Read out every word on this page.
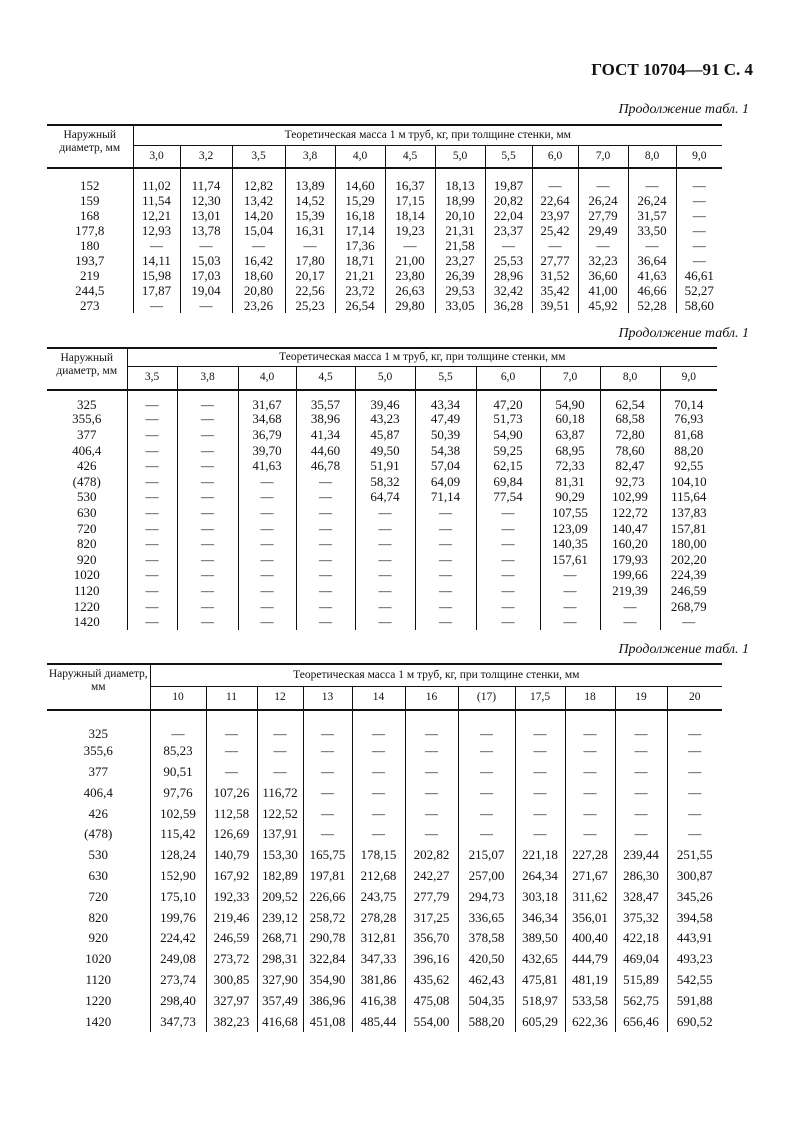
ГОСТ 10704—91 С. 4
Продолжение табл. 1
Наружный диаметр, мм	Теоретическая масса 1 м труб, кг, при толщине стенки, мм											
	3,0	3,2	3,5	3,8	4,0	4,5	5,0	5,5	6,0	7,0	8,0	9,0
152	11,02	11,74	12,82	13,89	14,60	16,37	18,13	19,87	—	—	—	—
159	11,54	12,30	13,42	14,52	15,29	17,15	18,99	20,82	22,64	26,24	26,24	—
168	12,21	13,01	14,20	15,39	16,18	18,14	20,10	22,04	23,97	27,79	31,57	—
177,8	12,93	13,78	15,04	16,31	17,14	19,23	21,31	23,37	25,42	29,49	33,50	—
180	—	—	—	—	17,36	—	21,58	—	—	—	—	—
193,7	14,11	15,03	16,42	17,80	18,71	21,00	23,27	25,53	27,77	32,23	36,64	—
219	15,98	17,03	18,60	20,17	21,21	23,80	26,39	28,96	31,52	36,60	41,63	46,61
244,5	17,87	19,04	20,80	22,56	23,72	26,63	29,53	32,42	35,42	41,00	46,66	52,27
273	—	—	23,26	25,23	26,54	29,80	33,05	36,28	39,51	45,92	52,28	58,60
Продолжение табл. 1
Наружный диаметр, мм	Теоретическая масса 1 м труб, кг, при толщине стенки, мм									
	3,5	3,8	4,0	4,5	5,0	5,5	6,0	7,0	8,0	9,0
325	—	—	31,67	35,57	39,46	43,34	47,20	54,90	62,54	70,14
355,6	—	—	34,68	38,96	43,23	47,49	51,73	60,18	68,58	76,93
377	—	—	36,79	41,34	45,87	50,39	54,90	63,87	72,80	81,68
406,4	—	—	39,70	44,60	49,50	54,38	59,25	68,95	78,60	88,20
426	—	—	41,63	46,78	51,91	57,04	62,15	72,33	82,47	92,55
(478)	—	—	—	—	58,32	64,09	69,84	81,31	92,73	104,10
530	—	—	—	—	64,74	71,14	77,54	90,29	102,99	115,64
630	—	—	—	—	—	—	—	107,55	122,72	137,83
720	—	—	—	—	—	—	—	123,09	140,47	157,81
820	—	—	—	—	—	—	—	140,35	160,20	180,00
920	—	—	—	—	—	—	—	157,61	179,93	202,20
1020	—	—	—	—	—	—	—	—	199,66	224,39
1120	—	—	—	—	—	—	—	—	219,39	246,59
1220	—	—	—	—	—	—	—	—	—	268,79
1420	—	—	—	—	—	—	—	—	—	—
Продолжение табл. 1
Наружный диаметр, мм	Теоретическая масса 1 м труб, кг, при толщине стенки, мм										
	10	11	12	13	14	16	(17)	17,5	18	19	20
325	—	—	—	—	—	—	—	—	—	—	—
355,6	85,23	—	—	—	—	—	—	—	—	—	—
377	90,51	—	—	—	—	—	—	—	—	—	—
406,4	97,76	107,26	116,72	—	—	—	—	—	—	—	—
426	102,59	112,58	122,52	—	—	—	—	—	—	—	—
(478)	115,42	126,69	137,91	—	—	—	—	—	—	—	—
530	128,24	140,79	153,30	165,75	178,15	202,82	215,07	221,18	227,28	239,44	251,55
630	152,90	167,92	182,89	197,81	212,68	242,27	257,00	264,34	271,67	286,30	300,87
720	175,10	192,33	209,52	226,66	243,75	277,79	294,73	303,18	311,62	328,47	345,26
820	199,76	219,46	239,12	258,72	278,28	317,25	336,65	346,34	356,01	375,32	394,58
920	224,42	246,59	268,71	290,78	312,81	356,70	378,58	389,50	400,40	422,18	443,91
1020	249,08	273,72	298,31	322,84	347,33	396,16	420,50	432,65	444,79	469,04	493,23
1120	273,74	300,85	327,90	354,90	381,86	435,62	462,43	475,81	481,19	515,89	542,55
1220	298,40	327,97	357,49	386,96	416,38	475,08	504,35	518,97	533,58	562,75	591,88
1420	347,73	382,23	416,68	451,08	485,44	554,00	588,20	605,29	622,36	656,46	690,52
